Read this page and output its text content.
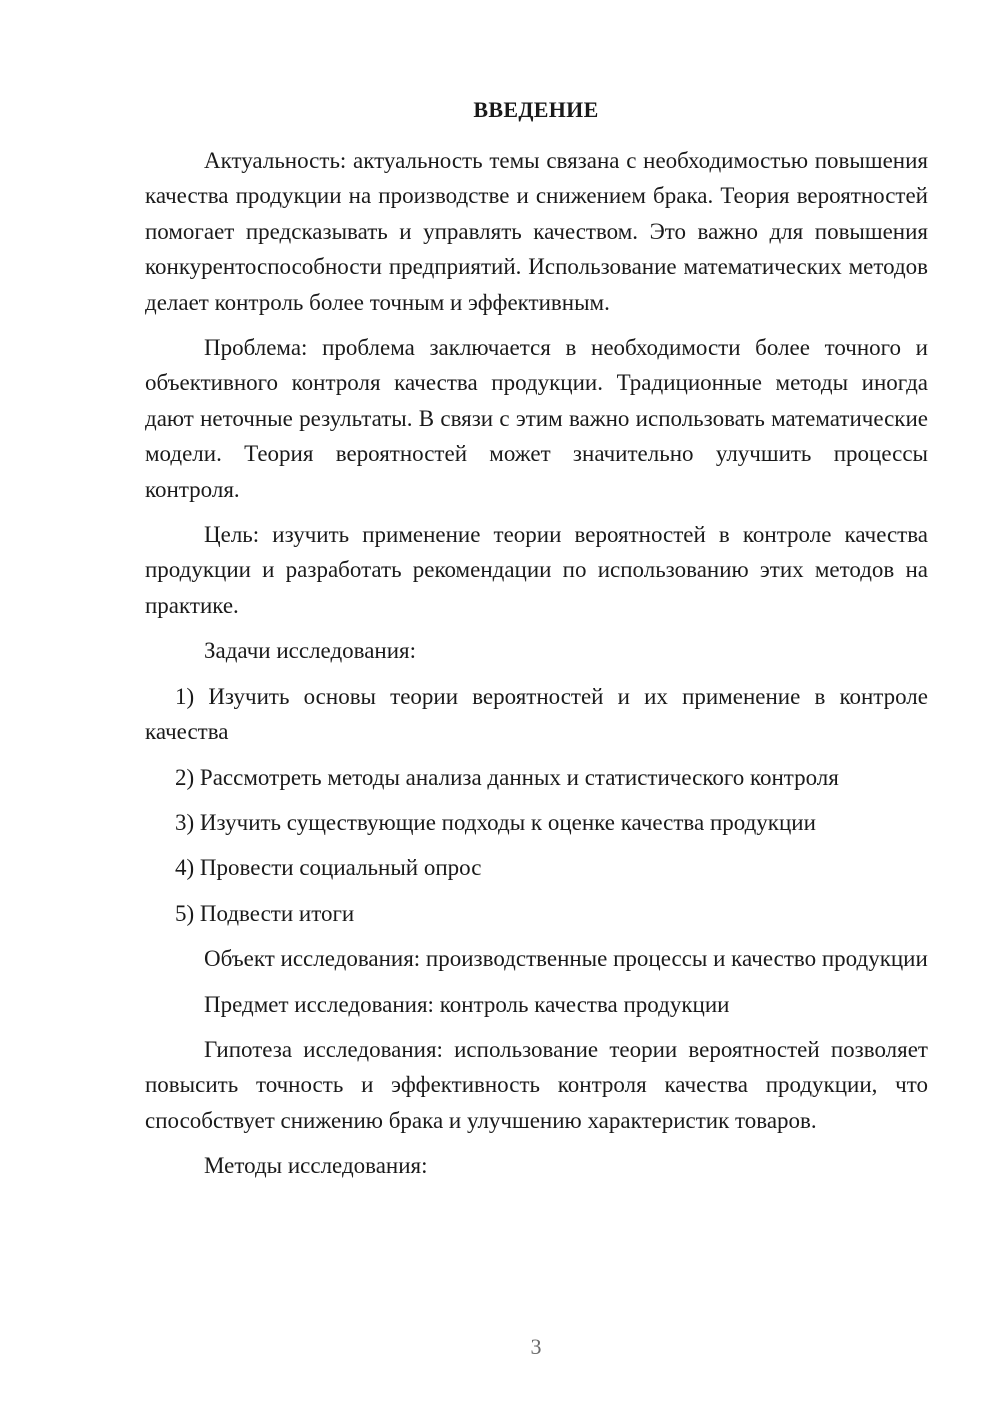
ВВЕДЕНИЕ

Актуальность: актуальность темы связана с необходимостью повышения качества продукции на производстве и снижением брака. Теория вероятностей помогает предсказывать и управлять качеством. Это важно для повышения конкурентоспособности предприятий. Использование математических методов делает контроль более точным и эффективным.

Проблема: проблема заключается в необходимости более точного и объективного контроля качества продукции. Традиционные методы иногда дают неточные результаты. В связи с этим важно использовать математические модели. Теория вероятностей может значительно улучшить процессы контроля.

Цель: изучить применение теории вероятностей в контроле качества продукции и разработать рекомендации по использованию этих методов на практике.

Задачи исследования:

1) Изучить основы теории вероятностей и их применение в контроле качества

2) Рассмотреть методы анализа данных и статистического контроля

3) Изучить существующие подходы к оценке качества продукции

4) Провести социальный опрос

5) Подвести итоги

Объект исследования: производственные процессы и качество продукции

Предмет исследования: контроль качества продукции

Гипотеза исследования: использование теории вероятностей позволяет повысить точность и эффективность контроля качества продукции, что способствует снижению брака и улучшению характеристик товаров.

Методы исследования:

3
